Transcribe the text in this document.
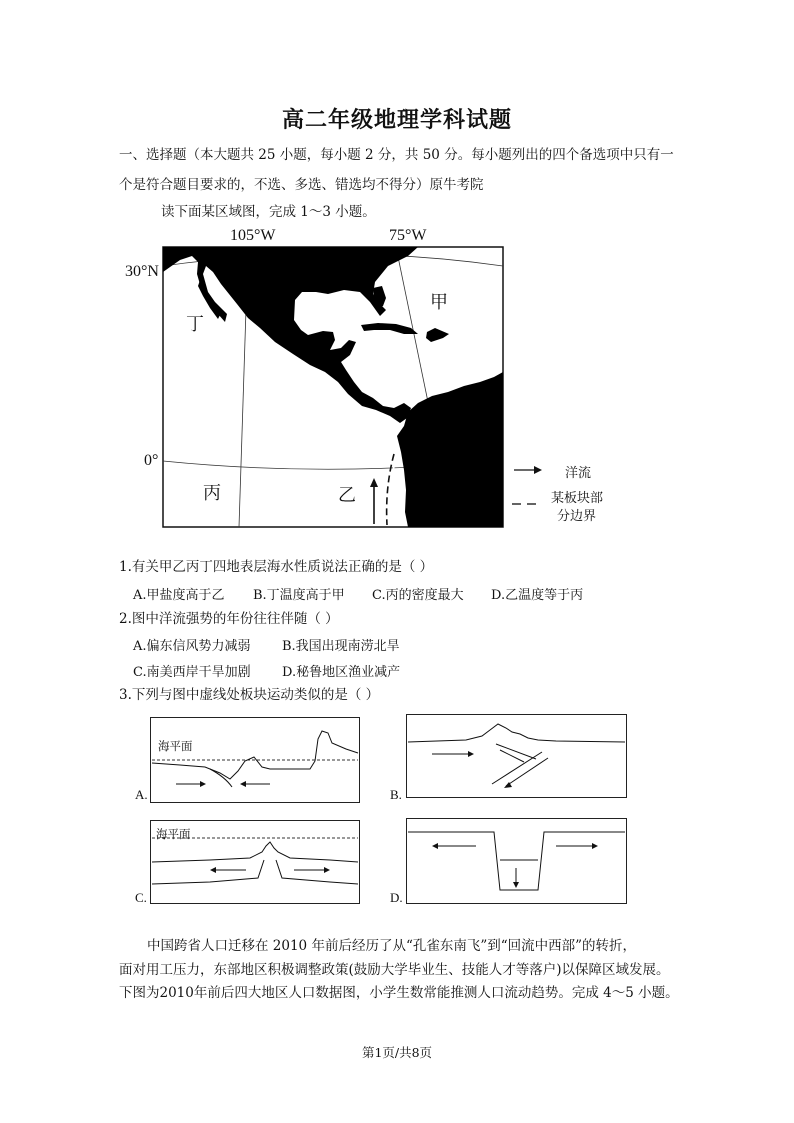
高二年级地理学科试题
一、选择题（本大题共 25 小题，每小题 2 分，共 50 分。每小题列出的四个备选项中只有一
个是符合题目要求的，不选、多选、错选均不得分）原牛考院
读下面某区域图，完成 1～3 小题。
105°W	75°W
30°N
0°
甲
丁
丙	乙
洋流
某板块部
分边界
1.有关甲乙丙丁四地表层海水性质说法正确的是（ ）
A.甲盐度高于乙 B.丁温度高于甲 C.丙的密度最大 D.乙温度等于丙
2.图中洋流强势的年份往往伴随（ ）
A.偏东信风势力减弱 B.我国出现南涝北旱
C.南美西岸干旱加剧 D.秘鲁地区渔业减产
3.下列与图中虚线处板块运动类似的是（ ）
A.
海平面
B.
C.
海平面
D.
中国跨省人口迁移在 2010 年前后经历了从“孔雀东南飞”到“回流中西部”的转折，
面对用工压力，东部地区积极调整政策(鼓励大学毕业生、技能人才等落户)以保障区域发展。
下图为2010年前后四大地区人口数据图，小学生数常能推测人口流动趋势。完成 4～5 小题。
第1页/共8页
